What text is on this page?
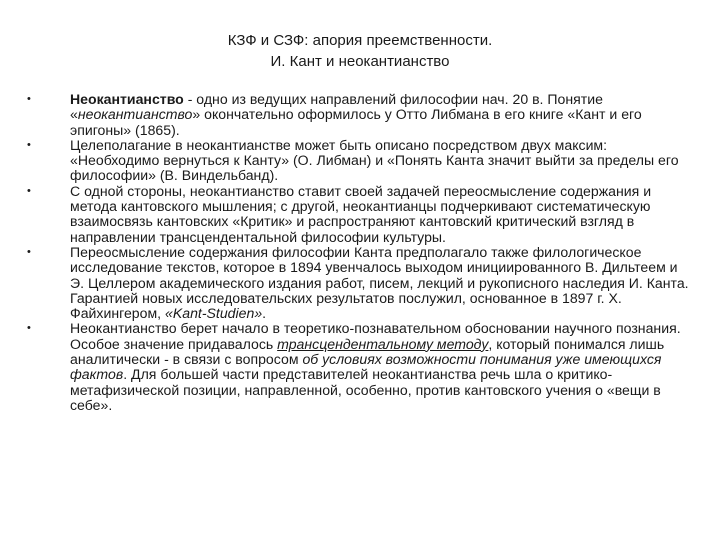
КЗФ и СЗФ: апория преемственности.
И. Кант и неокантианство
•	Неокантианство - одно из ведущих направлений философии нач. 20 в. Понятие «неокантианство» окончательно оформилось у Отто Либмана в его книге «Кант и его эпигоны» (1865).
•	Целеполагание в неокантианстве может быть описано посредством двух максим: «Необходимо вернуться к Канту» (О. Либман) и «Понять Канта значит выйти за пределы его философии» (В. Виндельбанд).
•	С одной стороны, неокантианство ставит своей задачей переосмысление содержания и метода кантовского мышления; с другой, неокантианцы подчеркивают систематическую взаимосвязь кантовских «Критик» и распространяют кантовский критический взгляд в направлении трансцендентальной философии культуры.
•	Переосмысление содержания философии Канта предполагало также филологическое исследование текстов, которое в 1894 увенчалось выходом инициированного В. Дильтеем и Э. Целлером академического издания работ, писем, лекций и рукописного наследия И. Канта. Гарантией новых исследовательских результатов послужил, основанное в 1897 г. Х. Файхингером, «Kant-Studien».
•	Неокантианство берет начало в теоретико-познавательном обосновании научного познания. Особое значение придавалось трансцендентальному методу, который понимался лишь аналитически - в связи с вопросом об условиях возможности понимания уже имеющихся фактов. Для большей части представителей неокантианства речь шла о критико-метафизической позиции, направленной, особенно, против кантовского учения о «вещи в себе».
